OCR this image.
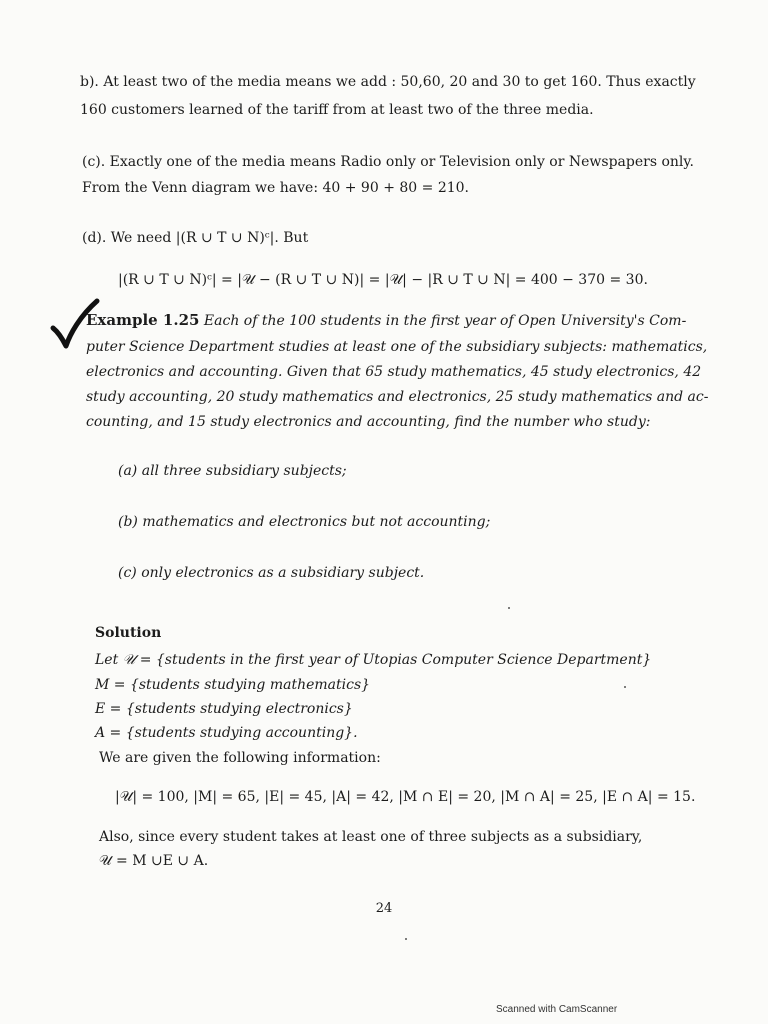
b). At least two of the media means we add : 50,60, 20 and 30 to get 160. Thus exactly
160 customers learned of the tariff from at least two of the three media.
(c). Exactly one of the media means Radio only or Television only or Newspapers only.
From the Venn diagram we have: 40 + 90 + 80 = 210.
(d). We need |(R ∪ T ∪ N)ᶜ|. But
|(R ∪ T ∪ N)ᶜ| = |𝒰 − (R ∪ T ∪ N)| = |𝒰| − |R ∪ T ∪ N| = 400 − 370 = 30.
Example 1.25 Each of the 100 students in the first year of Open University's Com-
puter Science Department studies at least one of the subsidiary subjects: mathematics,
electronics and accounting. Given that 65 study mathematics, 45 study electronics, 42
study accounting, 20 study mathematics and electronics, 25 study mathematics and ac-
counting, and 15 study electronics and accounting, find the number who study:
(a) all three subsidiary subjects;
(b) mathematics and electronics but not accounting;
(c) only electronics as a subsidiary subject.
Solution
Let 𝒰 = {students in the first year of Utopias Computer Science Department}
M = {students studying mathematics}
E = {students studying electronics}
A = {students studying accounting}.
We are given the following information:
|𝒰| = 100, |M| = 65, |E| = 45, |A| = 42, |M ∩ E| = 20, |M ∩ A| = 25, |E ∩ A| = 15.
Also, since every student takes at least one of three subjects as a subsidiary,
𝒰 = M ∪E ∪ A.
24
Scanned with CamScanner
